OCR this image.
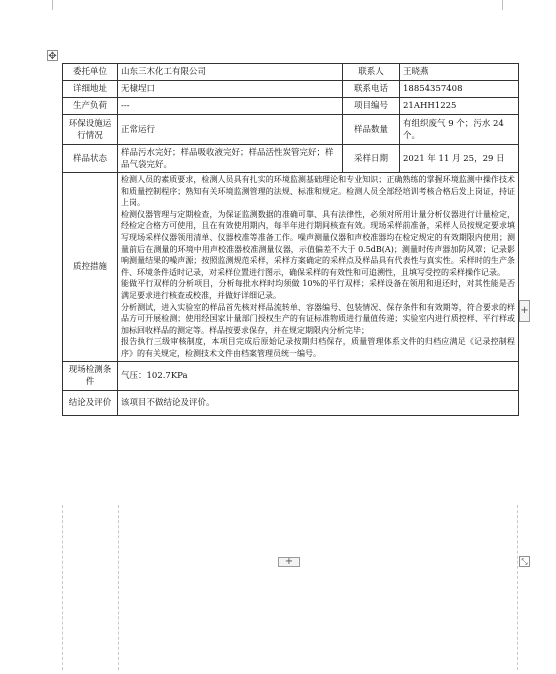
✥
委托单位	山东三木化工有限公司	联系人	王晓燕
详细地址	无棣埕口	联系电话	18854357408
生产负荷	---	项目编号	21AHH1225
环保设施运行情况	正常运行	样品数量	有组织废气 9 个；污水 24 个。
样品状态	样品污水完好；样品吸收液完好；样品活性炭管完好；样品气袋完好。	采样日期	2021 年 11 月 25，29 日
质控措施	检测人员的素质要求，检测人员具有扎实的环境监测基础理论和专业知识；正确熟练的掌握环境监测中操作技术和质量控制程序；熟知有关环境监测管理的法规、标准和规定。检测人员全部经培训考核合格后发上岗证，持证上岗。

检测仪器管理与定期检查，为保证监测数据的准确可靠、具有法律性，必须对所用计量分析仪器进行计量检定，经检定合格方可使用，且在有效使用期内，每半年进行期间核查有效。现场采样前准备，采样人员按规定要求填写现场采样仪器领用清单、仪器校准等准备工作。噪声测量仪器和声校准器均在检定规定的有效期限内使用；测量前后在测量的环境中用声校准器校准测量仪器，示值偏差不大于 0.5dB(A)；测量时传声器加防风罩；记录影响测量结果的噪声源；按照监测规范采样，采样方案确定的采样点及样品具有代表性与真实性。采样时的生产条件、环境条件适时记录，对采样位置进行图示，确保采样的有效性和可追溯性，且填写受控的采样操作记录。

能做平行双样的分析项目，分析每批水样时均须做 10%的平行双样；采样设备在领用和退还时，对其性能是否满足要求进行核查或校准，并做好详细记录。

分析测试，进入实验室的样品首先核对样品流转单、容器编号、包装情况、保存条件和有效期等，符合要求的样品方可开展检测；使用经国家计量部门授权生产的有证标准物质进行量值传递；实验室内进行质控样、平行样或加标回收样品的测定等。样品按要求保存，并在规定期限内分析完毕；

报告执行三级审核制度，本项目完成后原始记录按期归档保存，质量管理体系文件的归档应满足《记录控制程序》的有关规定，检测技术文件由档案管理员统一编号。		

现场检测条件	气压：102.7KPa		
结论及评价	该项目不做结论及评价。		
+
+	⤡
